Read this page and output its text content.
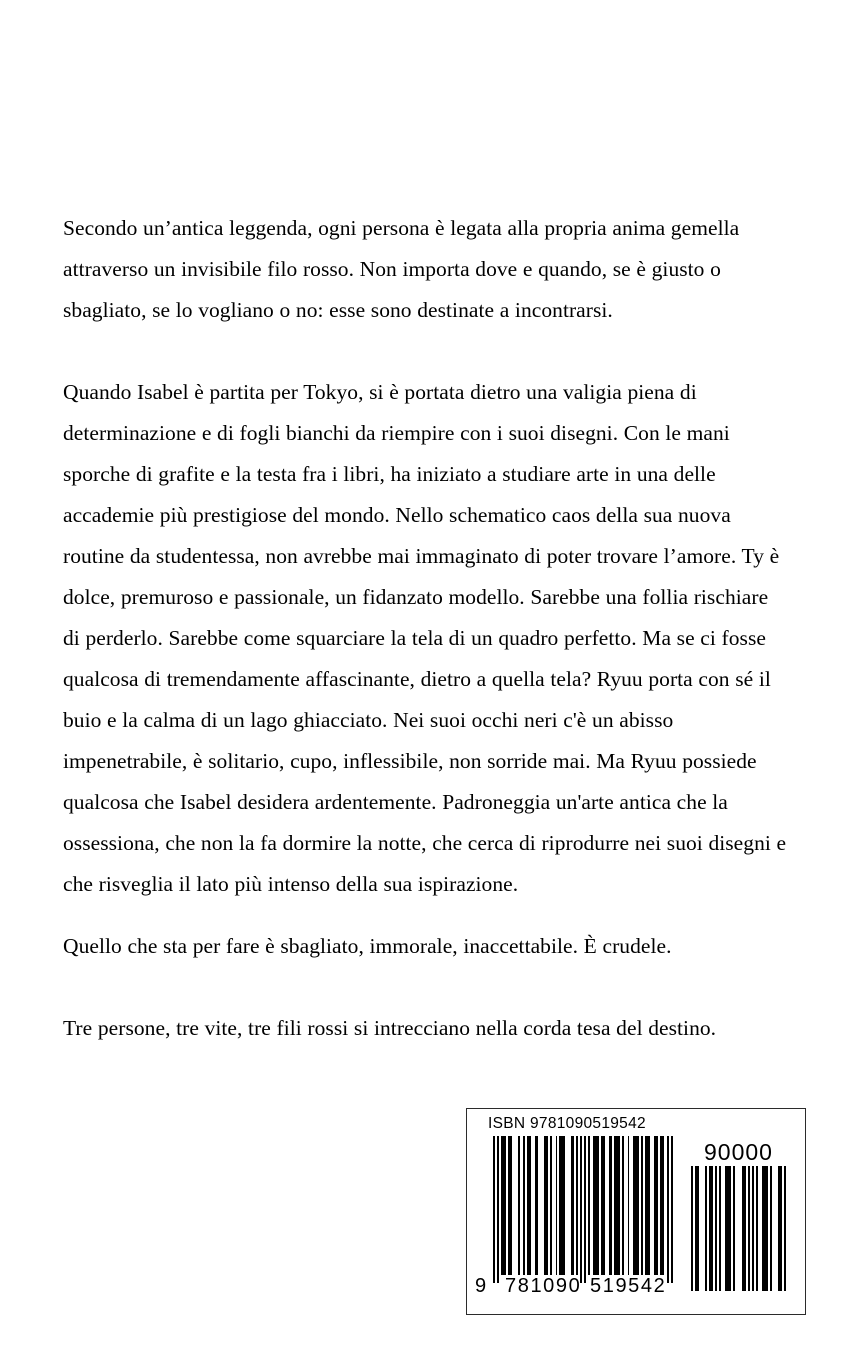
Secondo un’antica leggenda, ogni persona è legata alla propria anima gemella attraverso un invisibile filo rosso. Non importa dove e quando, se è giusto o sbagliato, se lo vogliano o no: esse sono destinate a incontrarsi.

Quando Isabel è partita per Tokyo, si è portata dietro una valigia piena di determinazione e di fogli bianchi da riempire con i suoi disegni. Con le mani sporche di grafite e la testa fra i libri, ha iniziato a studiare arte in una delle accademie più prestigiose del mondo. Nello schematico caos della sua nuova routine da studentessa, non avrebbe mai immaginato di poter trovare l’amore. Ty è dolce, premuroso e passionale, un fidanzato modello. Sarebbe una follia rischiare di perderlo. Sarebbe come squarciare la tela di un quadro perfetto. Ma se ci fosse qualcosa di tremendamente affascinante, dietro a quella tela? Ryuu porta con sé il buio e la calma di un lago ghiacciato. Nei suoi occhi neri c'è un abisso impenetrabile, è solitario, cupo, inflessibile, non sorride mai. Ma Ryuu possiede qualcosa che Isabel desidera ardentemente. Padroneggia un'arte antica che la ossessiona, che non la fa dormire la notte, che cerca di riprodurre nei suoi disegni e che risveglia il lato più intenso della sua ispirazione.

Quello che sta per fare è sbagliato, immorale, inaccettabile. È crudele.

Tre persone, tre vite, tre fili rossi si intrecciano nella corda tesa del destino.

ISBN 9781090519542
9 781090 519542
90000
